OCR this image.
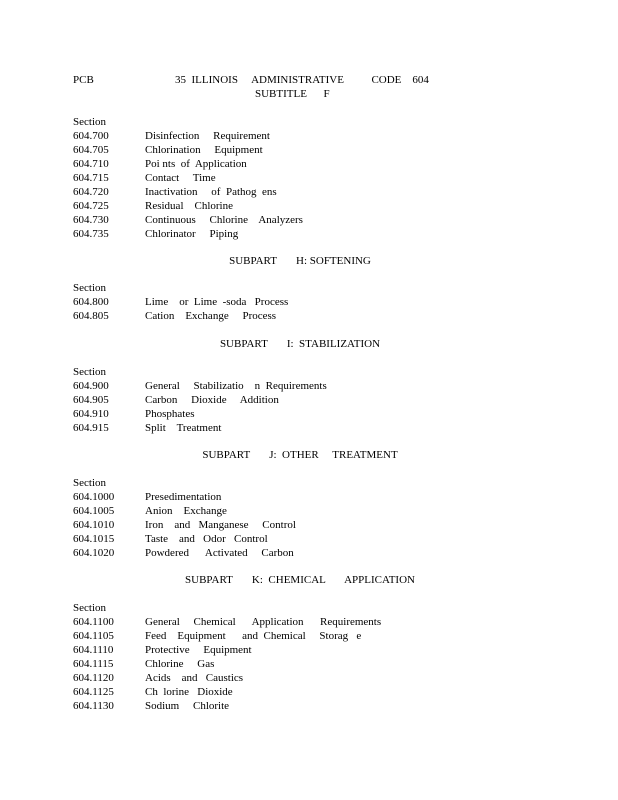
PCB	35  ILLINOIS     ADMINISTRATIVE          CODE    604
SUBTITLE      F
Section
604.700	Disinfection     Requirement
604.705	Chlorination     Equipment
604.710	Poi nts  of  Application
604.715	Contact     Time
604.720	Inactivation     of  Pathog  ens
604.725	Residual    Chlorine
604.730	Continuous     Chlorine    Analyzers
604.735	Chlorinator     Piping
SUBPART       H: SOFTENING
Section
604.800	Lime    or  Lime  -soda   Process
604.805	Cation    Exchange     Process
SUBPART       I:  STABILIZATION
Section
604.900	General     Stabilizatio    n  Requirements
604.905	Carbon     Dioxide     Addition
604.910	Phosphates
604.915	Split    Treatment
SUBPART       J:  OTHER     TREATMENT
Section
604.1000	Presedimentation
604.1005	Anion    Exchange
604.1010	Iron    and   Manganese     Control
604.1015	Taste    and   Odor   Control
604.1020	Powdered      Activated     Carbon
SUBPART       K:  CHEMICAL       APPLICATION
Section
604.1100	General     Chemical      Application      Requirements
604.1105	Feed    Equipment      and  Chemical     Storag   e
604.1110	Protective     Equipment
604.1115	Chlorine     Gas
604.1120	Acids    and   Caustics
604.1125	Ch  lorine   Dioxide
604.1130	Sodium     Chlorite
